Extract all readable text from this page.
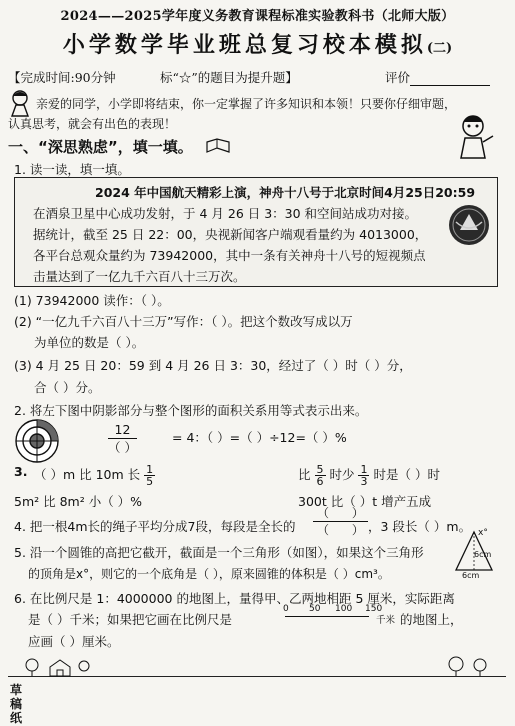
2024——2025学年度义务教育课程标准实验教科书（北师大版）
小学数学毕业班总复习校本模拟(二)
【完成时间:90分钟	标“☆”的题目为提升题】	评价
亲爱的同学，小学即将结束，你一定掌握了许多知识和本领！只要你仔细审题，
认真思考，就会有出色的表现！
一、“深思熟虑”，填一填。
1. 读一读，填一填。
2024 年中国航天精彩上演，神舟十八号于北京时间4月25日20:59
在酒泉卫星中心成功发射，于 4 月 26 日 3：30 和空间站成功对接。
据统计，截至 25 日 22：00，央视新闻客户端观看量约为 4013000，
各平台总观众量约为 73942000，其中一条有关神舟十八号的短视频点
击量达到了一亿九千六百八十三万次。
(1) 73942000 读作：（ ）。
(2) “一亿九千六百八十三万”写作：（ ）。把这个数改写成以万
为单位的数是（ ）。
(3) 4 月 25 日 20：59 到 4 月 26 日 3：30，经过了（ ）时（ ）分，
合（ ）分。
2. 将左下图中阴影部分与整个图形的面积关系用等式表示出来。
12
（ ）
= 4：（ ）=（ ）÷12=（ ）%
3. （ ）m 比 10m 长 $\frac{1}{5}$
5m² 比 8m² 小（ ）%
比 $\frac{5}{6}$ 时少 $\frac{1}{3}$ 时是（ ）时
300t 比（ ）t 增产五成
4. 把一根4m长的绳子平均分成7段，每段是全长的
（      ）
（      ） ，3 段长（ ）m。
5. 沿一个圆锥的高把它截开，截面是一个三角形（如图），如果这个三角形
的顶角是x°，则它的一个底角是（ ），原来圆锥的体积是（ ）cm³。
x°
6cm
6cm
6. 在比例尺是 1：4000000 的地图上，量得甲、乙两地相距 5 厘米，实际距离
是（ ）千米；如果把它画在比例尺是
0 50 100 150
千米 的地图上，
应画（ ）厘米。
草稿纸
